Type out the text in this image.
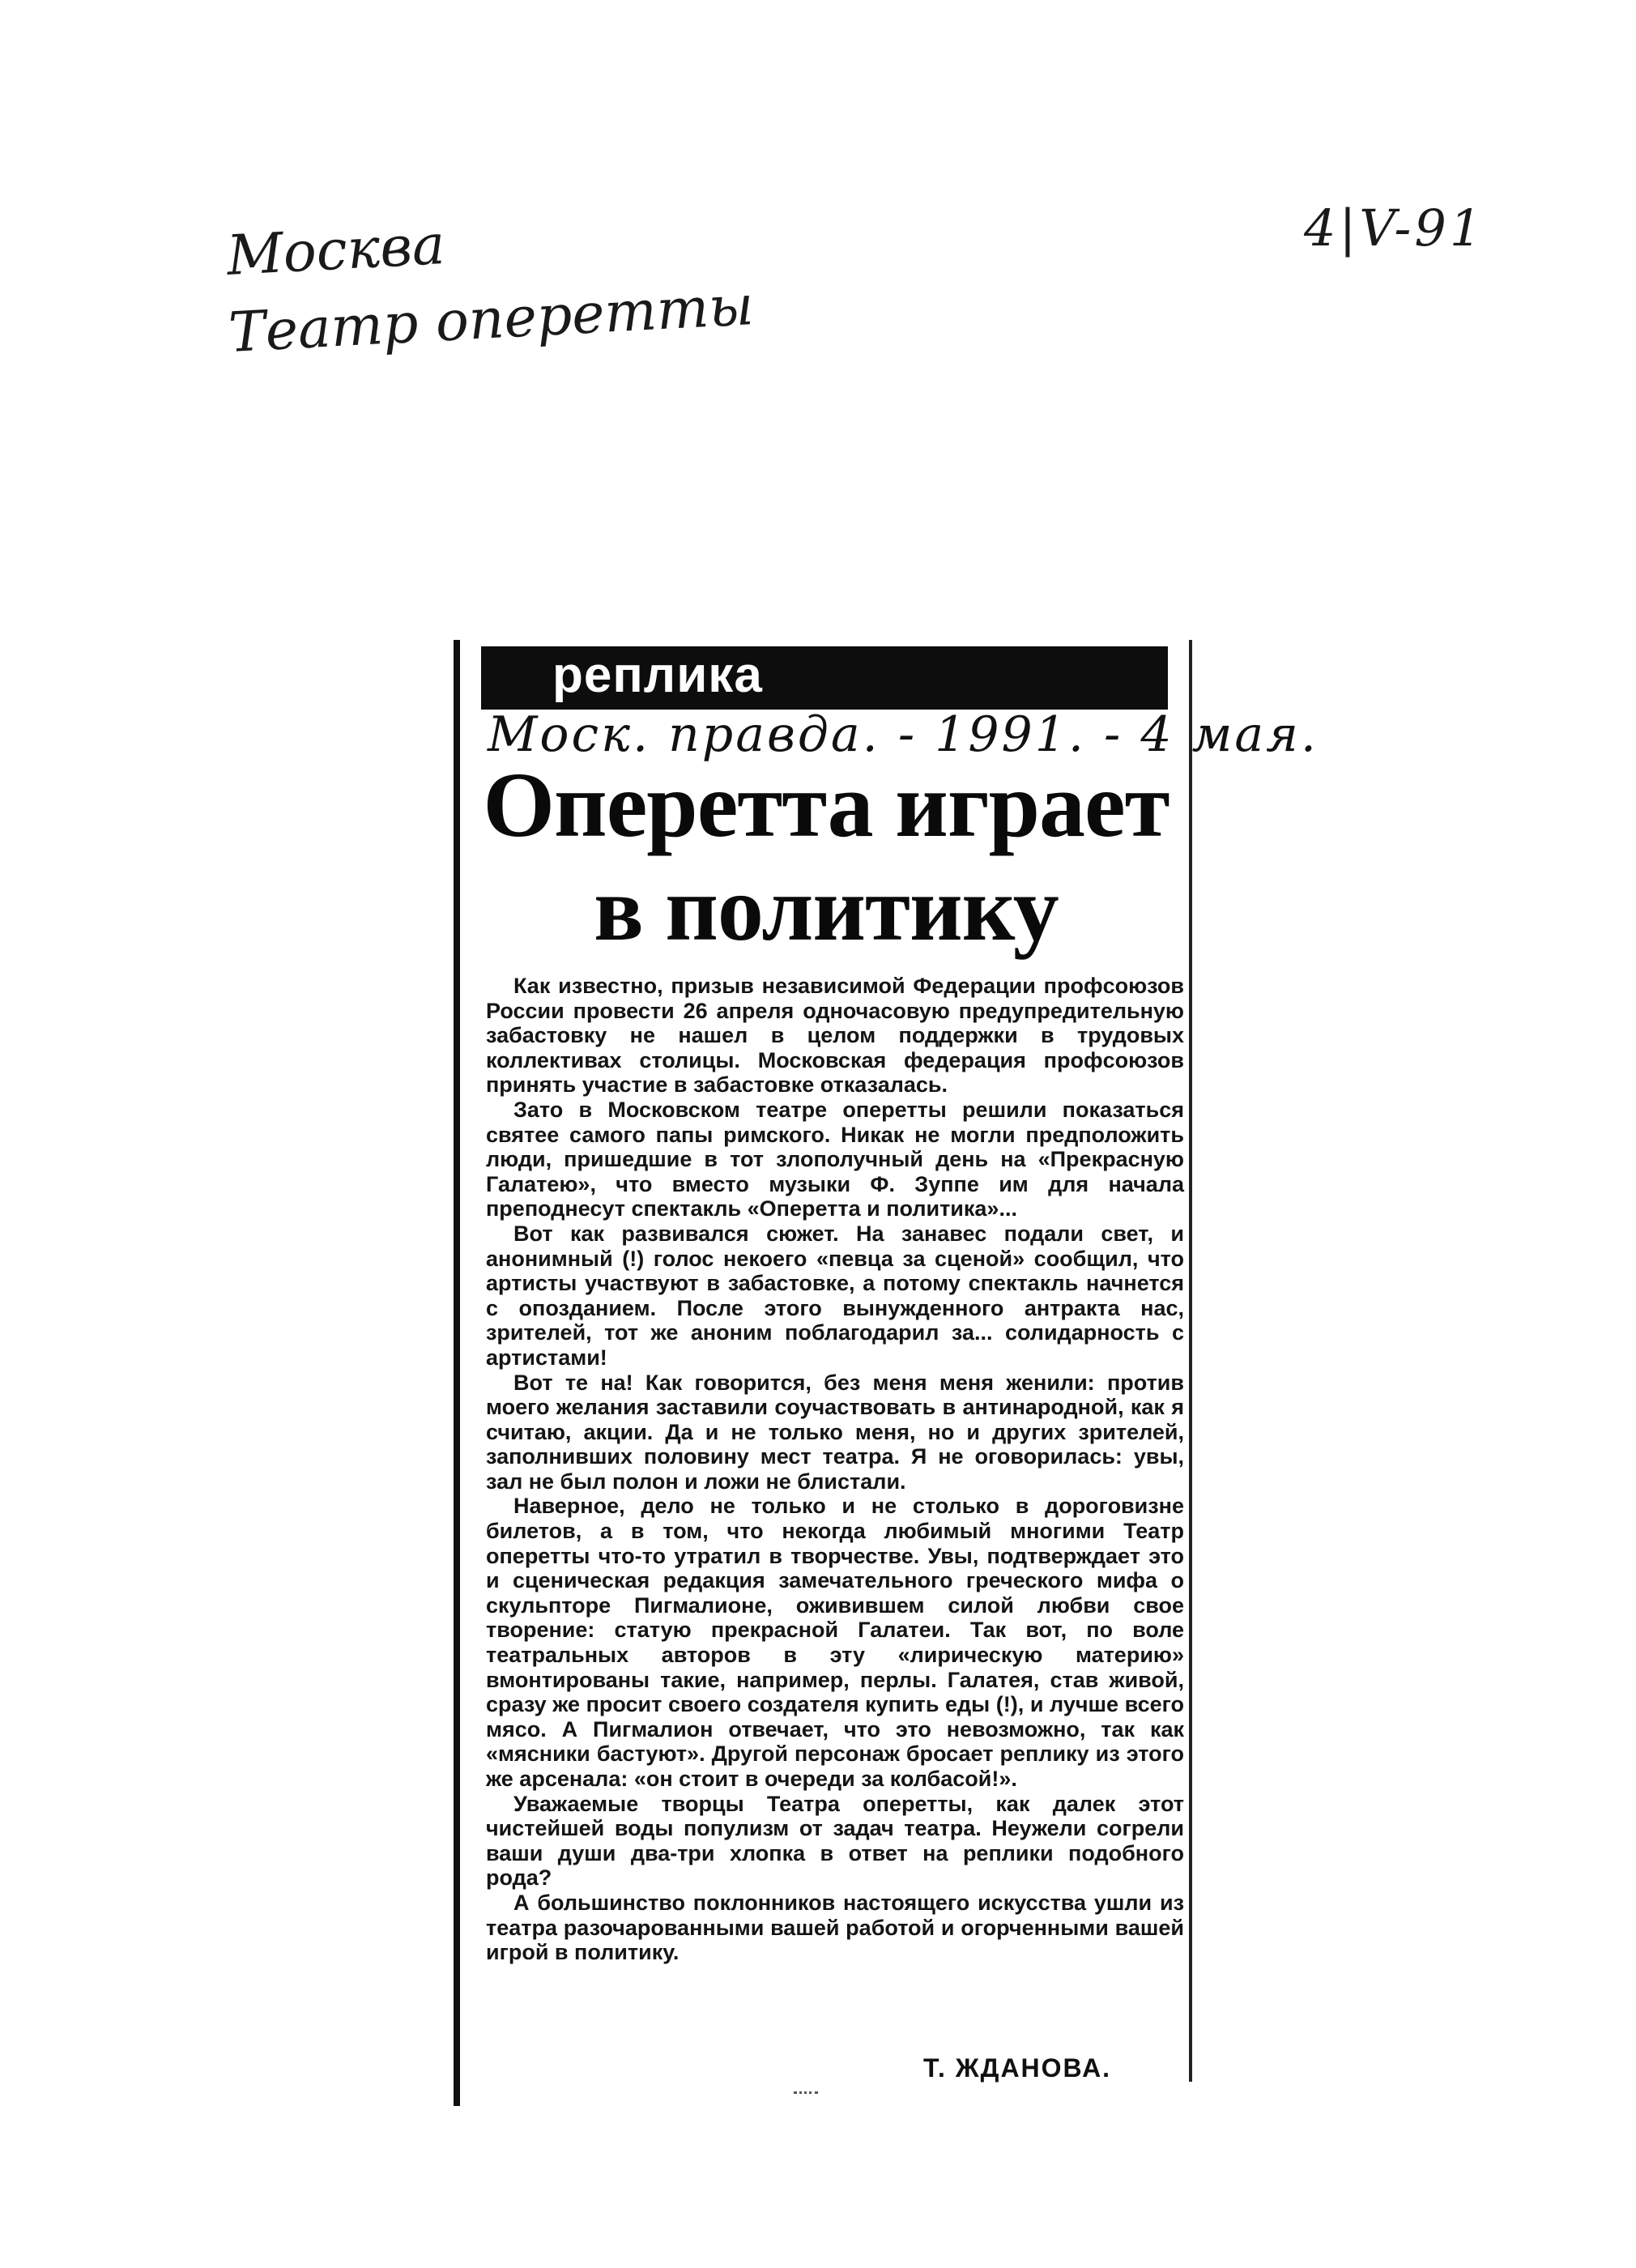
Москва
Театр оперетты
4|V-91
реплика
Моск. правда. - 1991. - 4 мая.
Оперетта играет
в политику

Как известно, призыв независимой Федерации профсоюзов России провести 26 апреля одночасовую предупредительную забастовку не нашел в целом поддержки в трудовых коллективах столицы. Московская федерация профсоюзов принять участие в забастовке отказалась.

Зато в Московском театре оперетты решили показаться святее самого папы римского. Никак не могли предположить люди, пришедшие в тот злополучный день на «Прекрасную Галатею», что вместо музыки Ф. Зуппе им для начала преподнесут спектакль «Оперетта и политика»...

Вот как развивался сюжет. На занавес подали свет, и анонимный (!) голос некоего «певца за сценой» сообщил, что артисты участвуют в забастовке, а потому спектакль начнется с опозданием. После этого вынужденного антракта нас, зрителей, тот же аноним поблагодарил за... солидарность с артистами!

Вот те на! Как говорится, без меня меня женили: против моего желания заставили соучаствовать в антинародной, как я считаю, акции. Да и не только меня, но и других зрителей, заполнивших половину мест театра. Я не оговорилась: увы, зал не был полон и ложи не блистали.

Наверное, дело не только и не столько в дороговизне билетов, а в том, что некогда любимый многими Театр оперетты что-то утратил в творчестве. Увы, подтверждает это и сценическая редакция замечательного греческого мифа о скульпторе Пигмалионе, оживившем силой любви свое творение: статую прекрасной Галатеи. Так вот, по воле театральных авторов в эту «лирическую материю» вмонтированы такие, например, перлы. Галатея, став живой, сразу же просит своего создателя купить еды (!), и лучше всего мясо. А Пигмалион отвечает, что это невозможно, так как «мясники бастуют». Другой персонаж бросает реплику из этого же арсенала: «он стоит в очереди за колбасой!».

Уважаемые творцы Театра оперетты, как далек этот чистейшей воды популизм от задач театра. Неужели согрели ваши души два-три хлопка в ответ на реплики подобного рода?

А большинство поклонников настоящего искусства ушли из театра разочарованными вашей работой и огорченными вашей игрой в политику.

Т. ЖДАНОВА.
